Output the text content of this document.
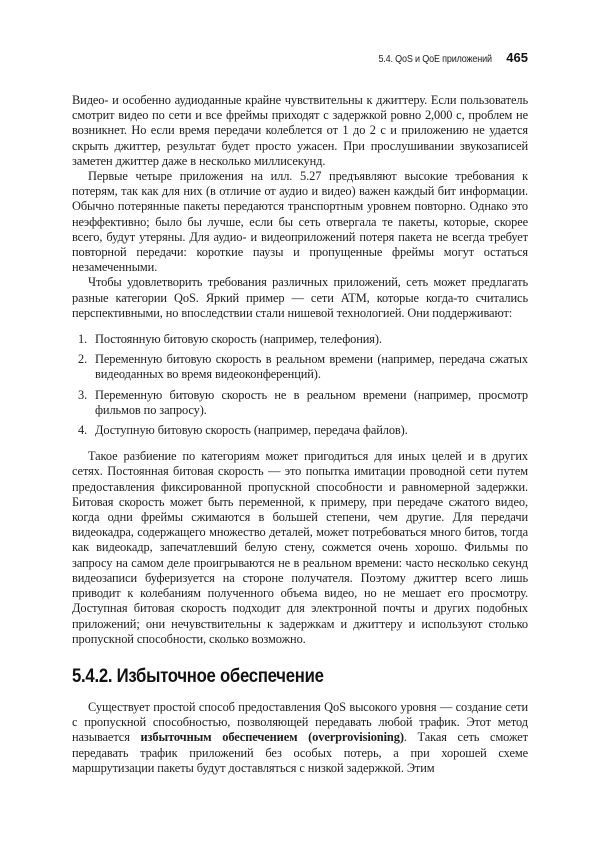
5.4. QoS и QoE приложений 465

Видео- и особенно аудиоданные крайне чувствительны к джиттеру. Если пользователь смотрит видео по сети и все фреймы приходят с задержкой ровно 2,000 с, проблем не возникнет. Но если время передачи колеблется от 1 до 2 с и приложению не удается скрыть джиттер, результат будет просто ужасен. При прослушивании звукозаписей заметен джиттер даже в несколько миллисекунд.

Первые четыре приложения на илл. 5.27 предъявляют высокие требования к потерям, так как для них (в отличие от аудио и видео) важен каждый бит информации. Обычно потерянные пакеты передаются транспортным уровнем повторно. Однако это неэффективно; было бы лучше, если бы сеть отвергала те пакеты, которые, скорее всего, будут утеряны. Для аудио- и видеоприложений потеря пакета не всегда требует повторной передачи: короткие паузы и пропущенные фреймы могут остаться незамеченными.

Чтобы удовлетворить требования различных приложений, сеть может предлагать разные категории QoS. Яркий пример — сети ATM, которые когда-то считались перспективными, но впоследствии стали нишевой технологией. Они поддерживают:

1. Постоянную битовую скорость (например, телефония).
2. Переменную битовую скорость в реальном времени (например, передача сжатых видеоданных во время видеоконференций).
3. Переменную битовую скорость не в реальном времени (например, просмотр фильмов по запросу).
4. Доступную битовую скорость (например, передача файлов).

Такое разбиение по категориям может пригодиться для иных целей и в других сетях. Постоянная битовая скорость — это попытка имитации проводной сети путем предоставления фиксированной пропускной способности и равномерной задержки. Битовая скорость может быть переменной, к примеру, при передаче сжатого видео, когда одни фреймы сжимаются в большей степени, чем другие. Для передачи видеокадра, содержащего множество деталей, может потребоваться много битов, тогда как видеокадр, запечатлевший белую стену, сожмется очень хорошо. Фильмы по запросу на самом деле проигрываются не в реальном времени: часто несколько секунд видеозаписи буферизуется на стороне получателя. Поэтому джиттер всего лишь приводит к колебаниям полученного объема видео, но не мешает его просмотру. Доступная битовая скорость подходит для электронной почты и других подобных приложений; они нечувствительны к задержкам и джиттеру и используют столько пропускной способности, сколько возможно.

5.4.2. Избыточное обеспечение

Существует простой способ предоставления QoS высокого уровня — создание сети с пропускной способностью, позволяющей передавать любой трафик. Этот метод называется избыточным обеспечением (overprovisioning). Такая сеть сможет передавать трафик приложений без особых потерь, а при хорошей схеме маршрутизации пакеты будут доставляться с низкой задержкой. Этим
